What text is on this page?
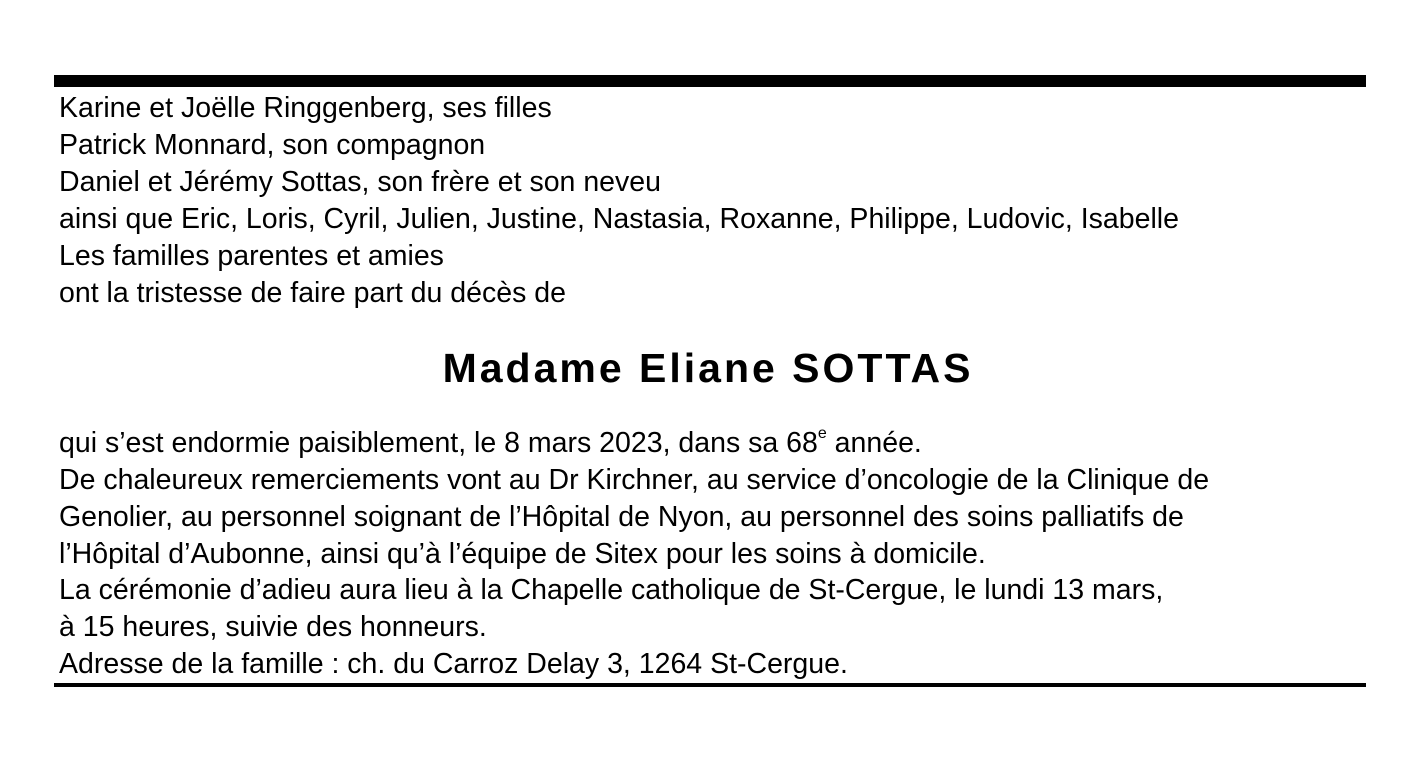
Karine et Joëlle Ringgenberg, ses filles
Patrick Monnard, son compagnon
Daniel et Jérémy Sottas, son frère et son neveu
ainsi que Eric, Loris, Cyril, Julien, Justine, Nastasia, Roxanne, Philippe, Ludovic, Isabelle
Les familles parentes et amies
ont la tristesse de faire part du décès de
Madame Eliane SOTTAS
qui s’est endormie paisiblement, le 8 mars 2023, dans sa 68e année.
De chaleureux remerciements vont au Dr Kirchner, au service d’oncologie de la Clinique de
Genolier, au personnel soignant de l’Hôpital de Nyon, au personnel des soins palliatifs de
l’Hôpital d’Aubonne, ainsi qu’à l’équipe de Sitex pour les soins à domicile.
La cérémonie d’adieu aura lieu à la Chapelle catholique de St-Cergue, le lundi 13 mars,
à 15 heures, suivie des honneurs.
Adresse de la famille : ch. du Carroz Delay 3, 1264 St-Cergue.
